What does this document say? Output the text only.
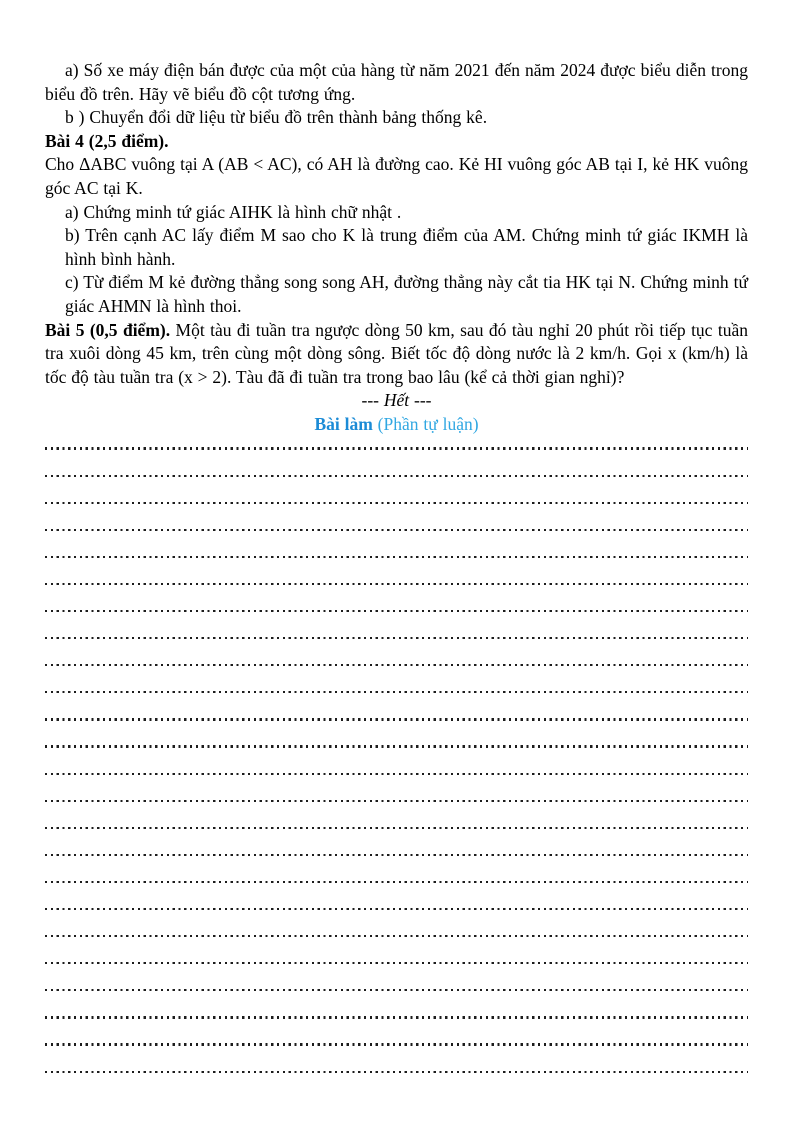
a) Số xe máy điện bán được của một của hàng từ năm 2021 đến năm 2024 được biểu diễn trong biểu đồ trên. Hãy vẽ biểu đồ cột tương ứng.

b ) Chuyển đổi dữ liệu từ biểu đồ trên thành bảng thống kê.

Bài 4 (2,5 điểm).

Cho ΔABC vuông tại A (AB < AC), có AH là đường cao. Kẻ HI vuông góc AB tại I, kẻ HK vuông góc AC tại K.

a) Chứng minh tứ giác AIHK là hình chữ nhật .

b) Trên cạnh AC lấy điểm M sao cho K là trung điểm của AM. Chứng minh tứ giác IKMH là hình bình hành.

c) Từ điểm M kẻ đường thẳng song song AH, đường thẳng này cắt tia HK tại N. Chứng minh tứ giác AHMN là hình thoi.

Bài 5 (0,5 điểm). Một tàu đi tuần tra ngược dòng 50 km, sau đó tàu nghỉ 20 phút rồi tiếp tục tuần tra xuôi dòng 45 km, trên cùng một dòng sông. Biết tốc độ dòng nước là 2 km/h. Gọi x (km/h) là tốc độ tàu tuần tra (x > 2). Tàu đã đi tuần tra trong bao lâu (kể cả thời gian nghỉ)?

--- Hết ---

Bài làm (Phần tự luận)
